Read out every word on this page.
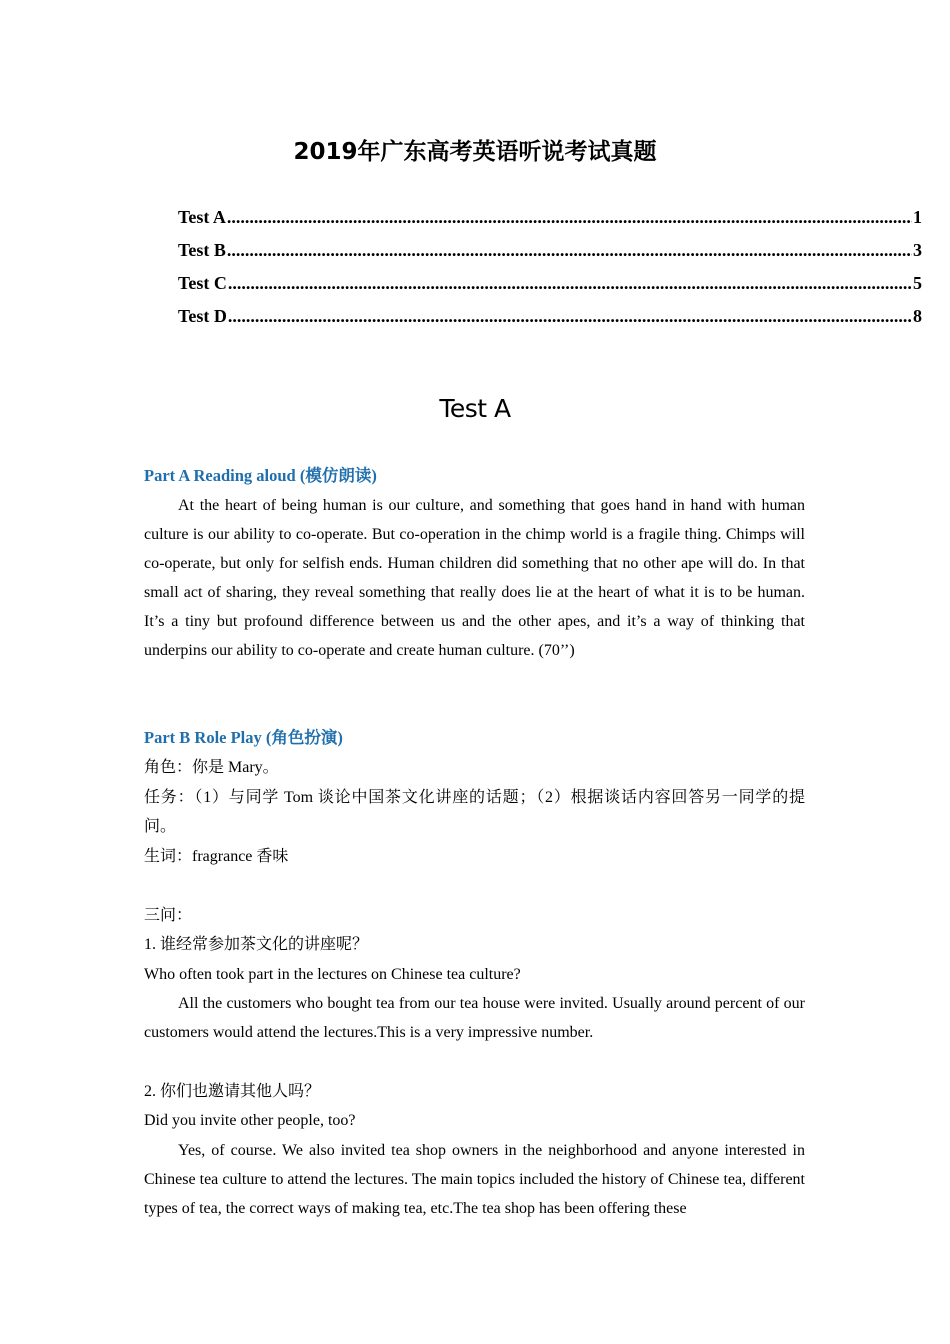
2019年广东高考英语听说考试真题
Test A .....	1
Test B .....	3
Test C .....	5
Test D .....	8
Test A

Part A Reading aloud (模仿朗读)

At the heart of being human is our culture, and something that goes hand in hand with human culture is our ability to co-operate. But co-operation in the chimp world is a fragile thing. Chimps will co-operate, but only for selfish ends. Human children did something that no other ape will do. In that small act of sharing, they reveal something that really does lie at the heart of what it is to be human. It’s a tiny but profound difference between us and the other apes, and it’s a way of thinking that underpins our ability to co-operate and create human culture. (70’’)

Part B Role Play (角色扮演)

角色：你是 Mary。

任务：（1）与同学 Tom 谈论中国茶文化讲座的话题；（2）根据谈话内容回答另一同学的提问。

生词：fragrance 香味

三问：

1. 谁经常参加茶文化的讲座呢？

Who often took part in the lectures on Chinese tea culture?

All the customers who bought tea from our tea house were invited. Usually around percent of our customers would attend the lectures.This is a very impressive number.

2. 你们也邀请其他人吗？

Did you invite other people, too?

Yes, of course. We also invited tea shop owners in the neighborhood and anyone interested in Chinese tea culture to attend the lectures. The main topics included the history of Chinese tea, different types of tea, the correct ways of making tea, etc.The tea shop has been offering these
